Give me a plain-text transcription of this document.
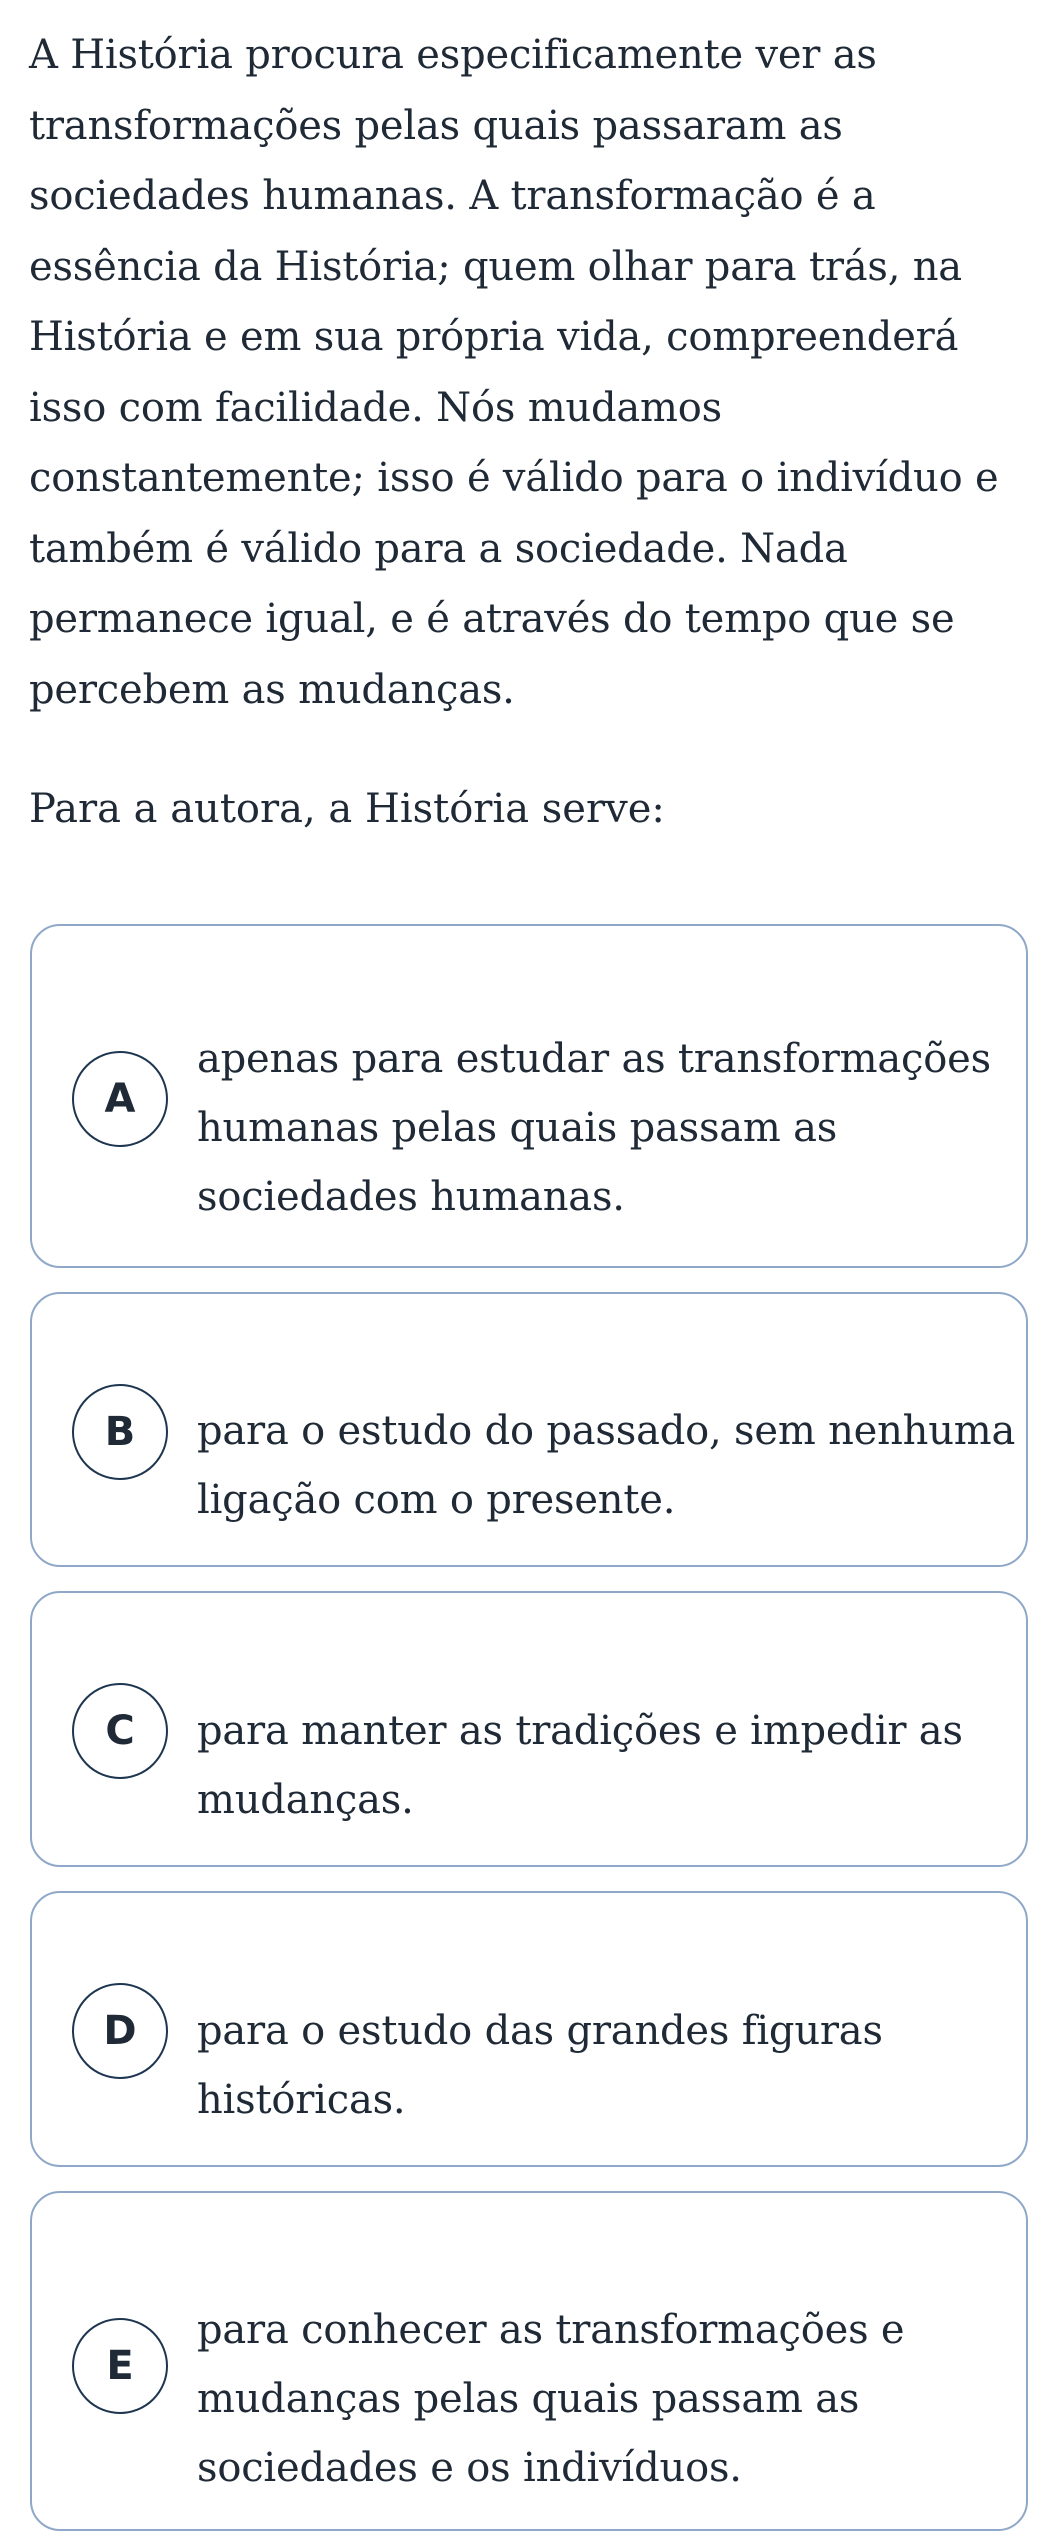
A História procura especificamente ver as transformações pelas quais passaram as sociedades humanas. A transformação é a essência da História; quem olhar para trás, na História e em sua própria vida, compreenderá isso com facilidade. Nós mudamos constantemente; isso é válido para o indivíduo e também é válido para a sociedade. Nada permanece igual, e é através do tempo que se percebem as mudanças.

Para a autora, a História serve:

A

apenas para estudar as transformações humanas pelas quais passam as sociedades humanas.

B	para o estudo do passado, sem nenhuma ligação com o presente.

C	para manter as tradições e impedir as mudanças.

D	para o estudo das grandes figuras históricas.

E

para conhecer as transformações e mudanças pelas quais passam as sociedades e os indivíduos.
